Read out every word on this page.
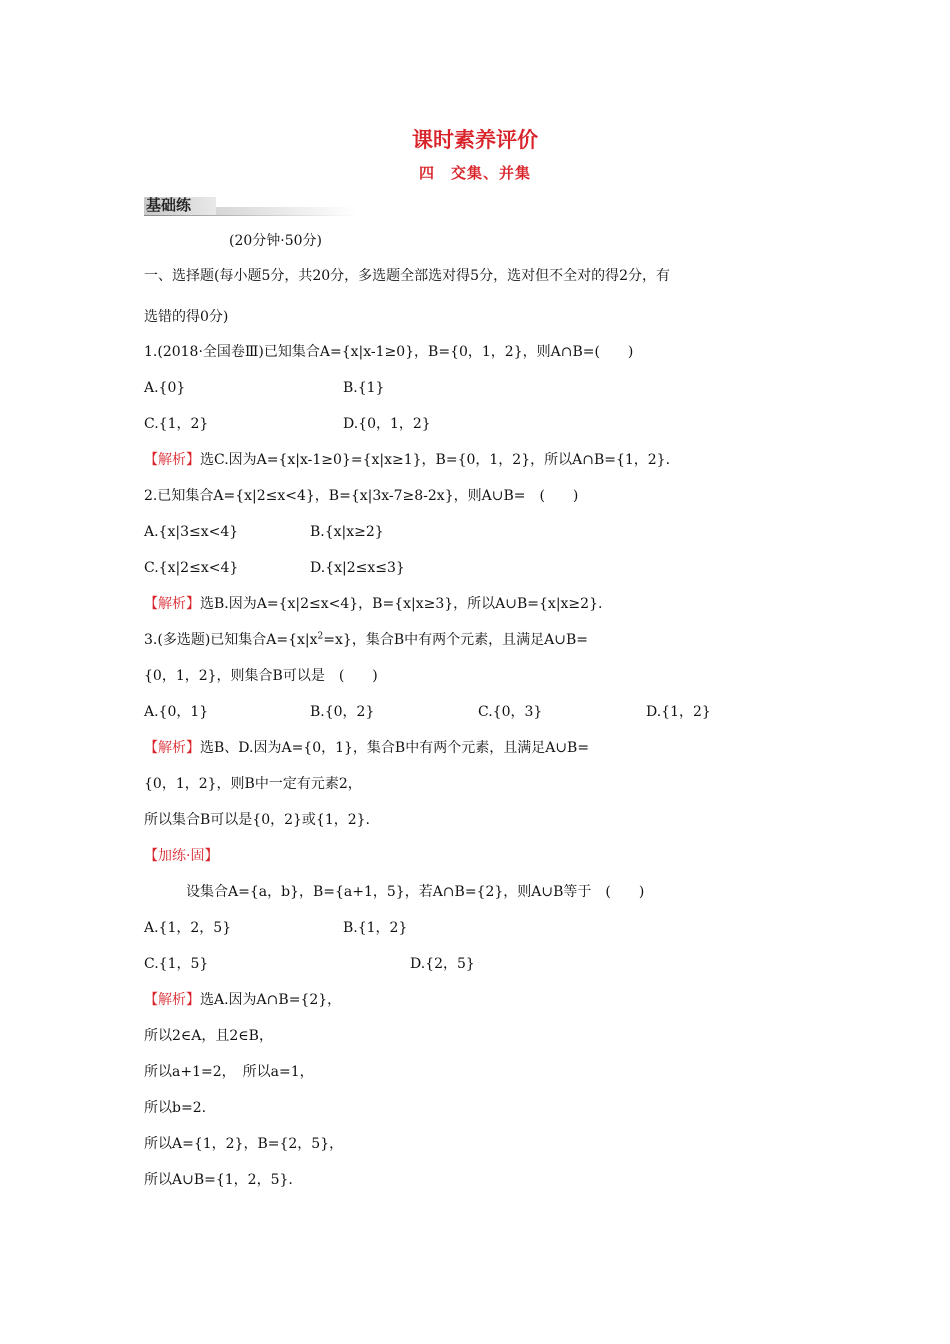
课时素养评价
四　交集、并集
基础练
(20分钟·50分)
一、选择题(每小题5分，共20分，多选题全部选对得5分，选对但不全对的得2分，有
选错的得0分)
1.(2018·全国卷Ⅲ)已知集合A={x|x-1≥0}，B={0，1，2}，则A∩B=(　　)
A.{0}	B.{1}
C.{1，2}	D.{0，1，2}
【解析】选C.因为A={x|x-1≥0}={x|x≥1}，B={0，1，2}，所以A∩B={1，2}.
2.已知集合A={x|2≤x<4}，B={x|3x-7≥8-2x}，则A∪B=　(　　)
A.{x|3≤x<4}	B.{x|x≥2}
C.{x|2≤x<4}	D.{x|2≤x≤3}
【解析】选B.因为A={x|2≤x<4}，B={x|x≥3}，所以A∪B={x|x≥2}.
3.(多选题)已知集合$A=\{x|x^2=x\}$，集合B中有两个元素，且满足A∪B=
{0，1，2}，则集合B可以是　(　　)
A.{0，1}	B.{0，2}	C.{0，3}	D.{1，2}
【解析】选B、D.因为A={0，1}，集合B中有两个元素，且满足A∪B=
{0，1，2}，则B中一定有元素2，
所以集合B可以是{0，2}或{1，2}.
【加练·固】
设集合A={a，b}，B={a+1，5}，若A∩B={2}，则A∪B等于　(　　)
A.{1，2，5}	B.{1，2}
C.{1，5}	D.{2，5}
【解析】选A.因为A∩B={2}，
所以2∈A，且2∈B，
所以a+1=2，　所以a=1，
所以b=2.
所以A={1，2}，B={2，5}，
所以A∪B={1，2，5}.
